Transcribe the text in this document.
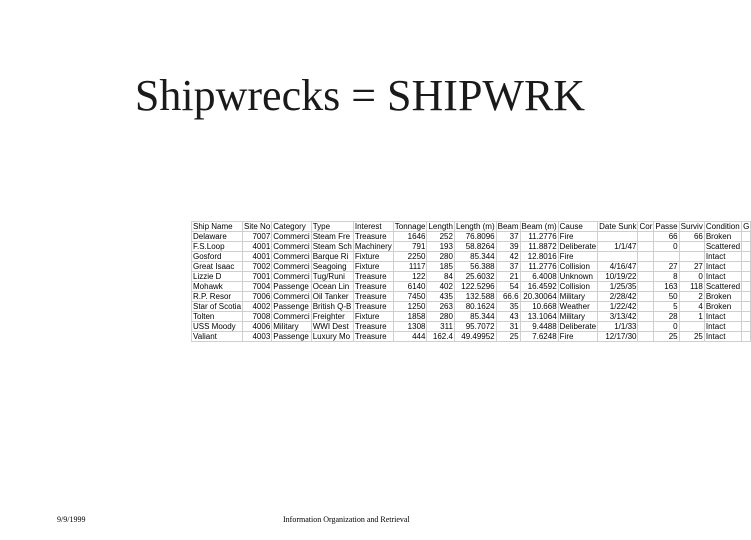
Shipwrecks = SHIPWRK
Ship Name	Site No	Category	Type	Interest	Tonnage	Length	Length (m)	Beam	Beam (m)	Cause	Date Sunk	Cor	Passe	Surviv	Condition	G
Delaware	7007	Commerci	Steam Fre	Treasure	1646	252	76.8096	37	11.2776	Fire			66	66	Broken	
F.S.Loop	4001	Commerci	Steam Sch	Machinery	791	193	58.8264	39	11.8872	Deliberate	1/1/47		0		Scattered	
Gosford	4001	Commerci	Barque Ri	Fixture	2250	280	85.344	42	12.8016	Fire					Intact	
Great Isaac	7002	Commerci	Seagoing	Fixture	1117	185	56.388	37	11.2776	Collision	4/16/47		27	27	Intact	
Lizzie D	7001	Commerci	Tug/Runi	Treasure	122	84	25.6032	21	6.4008	Unknown	10/19/22		8	0	Intact	
Mohawk	7004	Passenge	Ocean Lin	Treasure	6140	402	122.5296	54	16.4592	Collision	1/25/35		163	118	Scattered	
R.P. Resor	7006	Commerci	Oil Tanker	Treasure	7450	435	132.588	66.6	20.30064	Military	2/28/42		50	2	Broken	
Star of Scotia	4002	Passenge	British Q-B	Treasure	1250	263	80.1624	35	10.668	Weather	1/22/42		5	4	Broken	
Tolten	7008	Commerci	Freighter	Fixture	1858	280	85.344	43	13.1064	Military	3/13/42		28	1	Intact	
USS Moody	4006	Military	WWI Dest	Treasure	1308	311	95.7072	31	9.4488	Deliberate	1/1/33		0		Intact	
Valiant	4003	Passenge	Luxury Mo	Treasure	444	162.4	49.49952	25	7.6248	Fire	12/17/30		25	25	Intact	
9/9/1999	Information Organization and Retrieval
